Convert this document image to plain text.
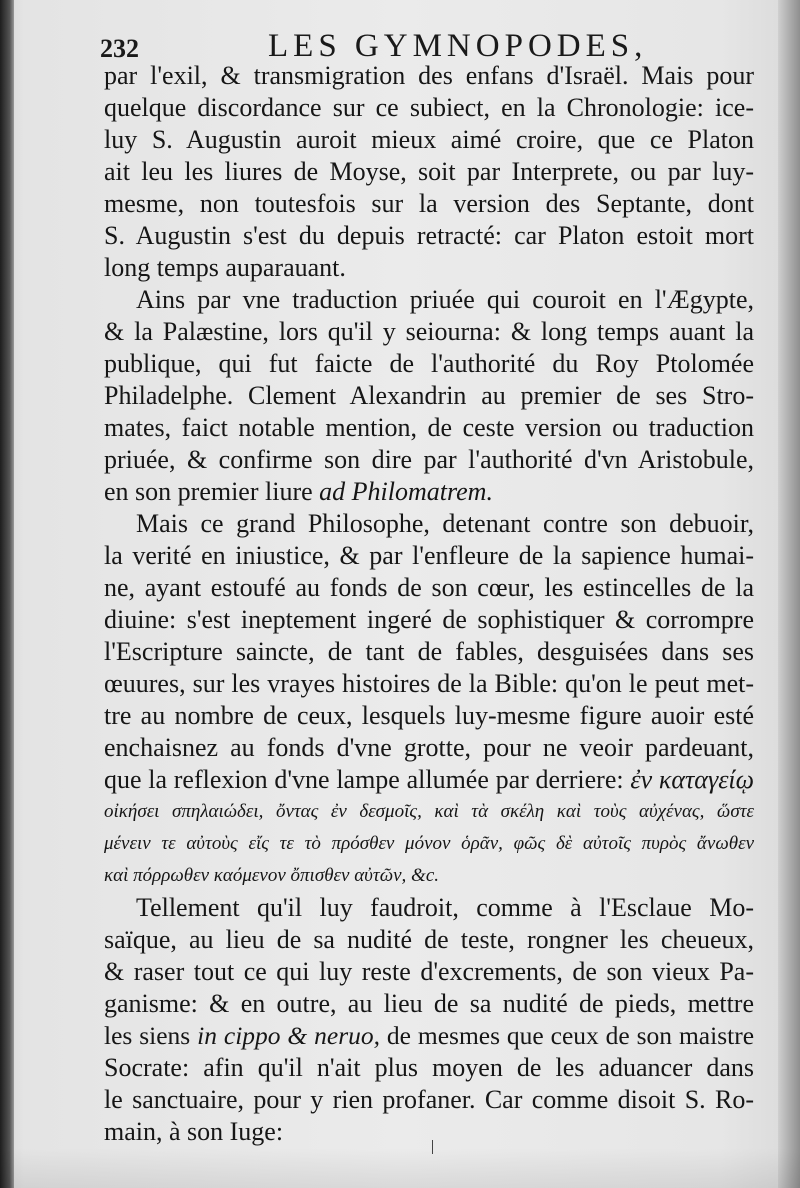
232	LES GYMNOPODES,
par l'exil, & transmigration des enfans d'Israël. Mais pour
quelque discordance sur ce subiect, en la Chronologie: ice-
luy S. Augustin auroit mieux aimé croire, que ce Platon
ait leu les liures de Moyse, soit par Interprete, ou par luy-
mesme, non toutesfois sur la version des Septante, dont
S. Augustin s'est du depuis retracté: car Platon estoit mort
long temps auparauant.
Ains par vne traduction priuée qui couroit en l'Ægypte,
& la Palæstine, lors qu'il y seiourna: & long temps auant la
publique, qui fut faicte de l'authorité du Roy Ptolomée
Philadelphe. Clement Alexandrin au premier de ses Stro-
mates, faict notable mention, de ceste version ou traduction
priuée, & confirme son dire par l'authorité d'vn Aristobule,
en son premier liure ad Philomatrem.
Mais ce grand Philosophe, detenant contre son debuoir,
la verité en iniustice, & par l'enfleure de la sapience humai-
ne, ayant estoufé au fonds de son cœur, les estincelles de la
diuine: s'est ineptement ingeré de sophistiquer & corrompre
l'Escripture saincte, de tant de fables, desguisées dans ses
œuures, sur les vrayes histoires de la Bible: qu'on le peut met-
tre au nombre de ceux, lesquels luy-mesme figure auoir esté
enchaisnez au fonds d'vne grotte, pour ne veoir pardeuant,
que la reflexion d'vne lampe allumée par derriere: ἐν καταγείῳ
οἰκήσει σπηλαιώδει, ὄντας ἐν δεσμοῖς, καὶ τὰ σκέλη καὶ τοὺς αὐχένας, ὥστε
μένειν τε αὐτοὺς εἴς τε τὸ πρόσθεν μόνον ὁρᾶν, φῶς δὲ αὐτοῖς πυρὸς ἄνωθεν
καὶ πόρρωθεν καόμενον ὄπισθεν αὐτῶν, &c.
Tellement qu'il luy faudroit, comme à l'Esclaue Mo-
saïque, au lieu de sa nudité de teste, rongner les cheueux,
& raser tout ce qui luy reste d'excrements, de son vieux Pa-
ganisme: & en outre, au lieu de sa nudité de pieds, mettre
les siens in cippo & neruo, de mesmes que ceux de son maistre
Socrate: afin qu'il n'ait plus moyen de les aduancer dans
le sanctuaire, pour y rien profaner. Car comme disoit S. Ro-
main, à son Iuge:
